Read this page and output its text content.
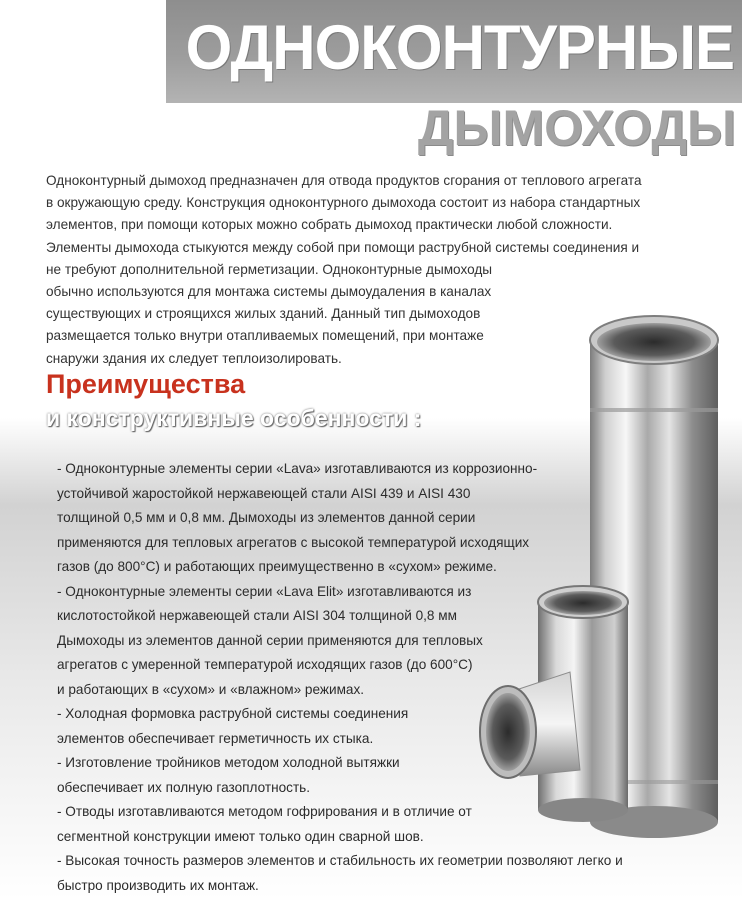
ОДНОКОНТУРНЫЕ
ДЫМОХОДЫ

Одноконтурный дымоход предназначен для отвода продуктов сгорания от теплового агрегата

в окружающую среду. Конструкция одноконтурного дымохода состоит из набора стандартных

элементов, при помощи которых можно собрать дымоход практически любой сложности.

Элементы дымохода стыкуются между собой при помощи раструбной системы соединения и

не требуют дополнительной герметизации. Одноконтурные дымоходы

обычно используются для монтажа системы дымоудаления в каналах

существующих и строящихся жилых зданий. Данный тип дымоходов

размещается только внутри отапливаемых помещений, при монтаже

снаружи здания их следует теплоизолировать.

Преимущества
и конструктивные особенности :
- Одноконтурные элементы серии «Lava» изготавливаются из коррозионно-
устойчивой жаростойкой нержавеющей стали AISI 439 и AISI 430
толщиной 0,5 мм и 0,8 мм. Дымоходы из элементов данной серии
применяются для тепловых агрегатов с высокой температурой исходящих
газов (до 800°С) и работающих преимущественно в «сухом» режиме.
- Одноконтурные элементы серии «Lava Elit» изготавливаются из
кислотостойкой нержавеющей стали AISI 304 толщиной 0,8 мм
Дымоходы из элементов данной серии применяются для тепловых
агрегатов с умеренной температурой исходящих газов (до 600°С)
и работающих в «сухом» и «влажном» режимах.
- Холодная формовка раструбной системы соединения
элементов обеспечивает герметичность их стыка.
- Изготовление тройников методом холодной вытяжки
обеспечивает их полную газоплотность.
- Отводы изготавливаются методом гофрирования и в отличие от
сегментной конструкции имеют только один сварной шов.
- Высокая точность размеров элементов и стабильность их геометрии позволяют легко и
быстро производить их монтаж.
